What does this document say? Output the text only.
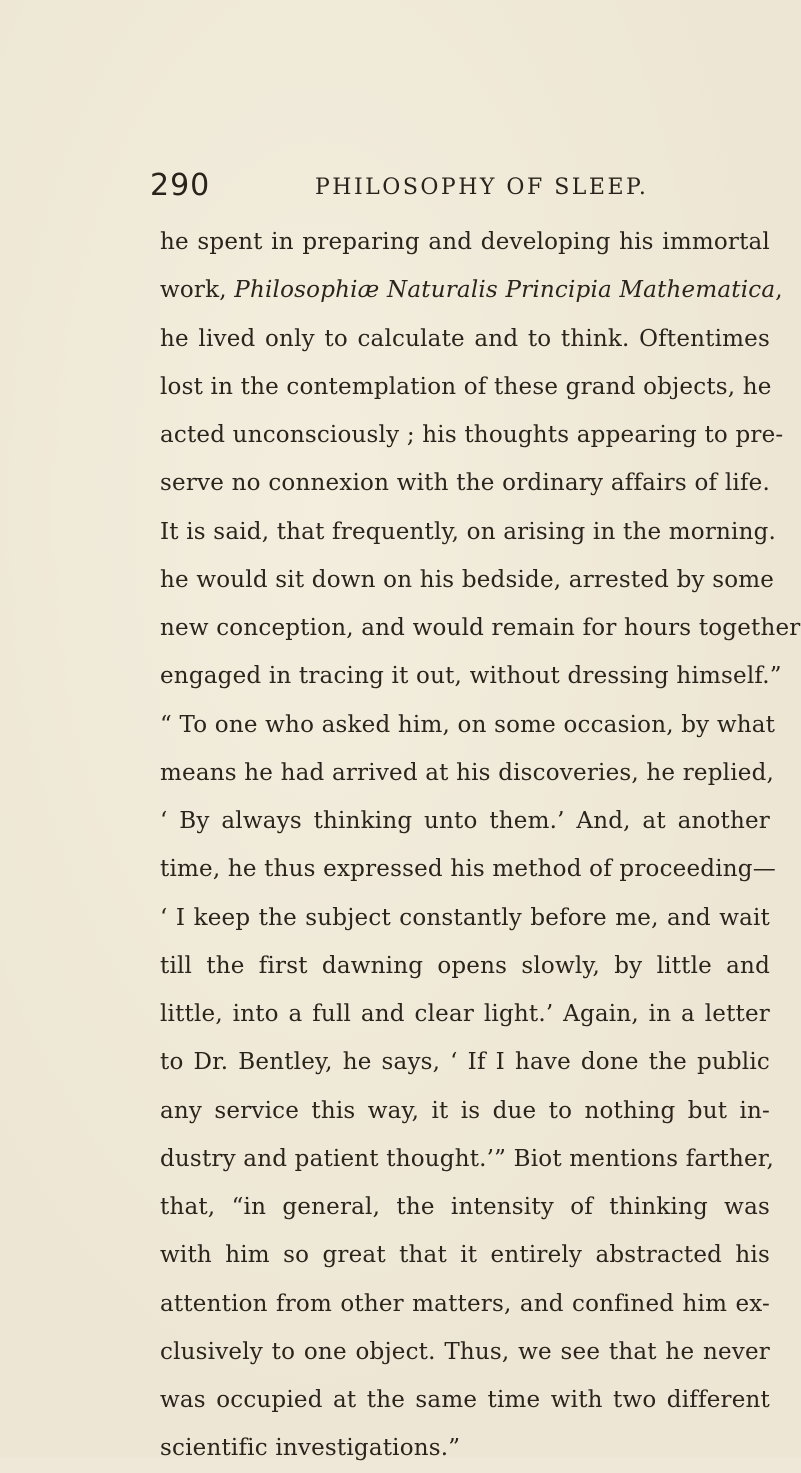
290	PHILOSOPHY OF SLEEP.
he spent in preparing and developing his immortal
work, Philosophiæ Naturalis Principia Mathematica,
he lived only to calculate and to think. Oftentimes
lost in the contemplation of these grand objects, he
acted unconsciously ; his thoughts appearing to pre-
serve no connexion with the ordinary affairs of life.
It is said, that frequently, on arising in the morning.
he would sit down on his bedside, arrested by some
new conception, and would remain for hours together
engaged in tracing it out, without dressing himself.”
“ To one who asked him, on some occasion, by what
means he had arrived at his discoveries, he replied,
‘ By always thinking unto them.’ And, at another
time, he thus expressed his method of proceeding—
‘ I keep the subject constantly before me, and wait
till the first dawning opens slowly, by little and
little, into a full and clear light.’ Again, in a letter
to Dr. Bentley, he says, ‘ If I have done the public
any service this way, it is due to nothing but in-
dustry and patient thought.’” Biot mentions farther,
that, “in general, the intensity of thinking was
with him so great that it entirely abstracted his
attention from other matters, and confined him ex-
clusively to one object. Thus, we see that he never
was occupied at the same time with two different
scientific investigations.”
